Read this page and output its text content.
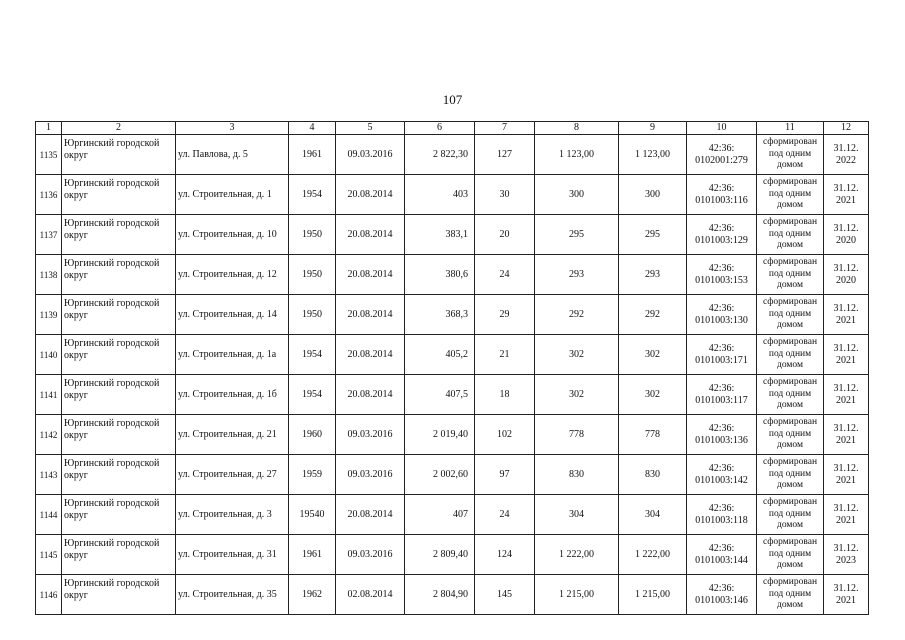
107
1	2	3	4	5	6	7	8	9	10	11	12
1135	Юргинский городской округ	ул. Павлова, д. 5	1961	09.03.2016	2 822,30	127	1 123,00	1 123,00	42:36: 0102001:279	сформирован под одним домом	31.12. 2022
1136	Юргинский городской округ	ул. Строительная, д. 1	1954	20.08.2014	403	30	300	300	42:36: 0101003:116	сформирован под одним домом	31.12. 2021
1137	Юргинский городской округ	ул. Строительная, д. 10	1950	20.08.2014	383,1	20	295	295	42:36: 0101003:129	сформирован под одним домом	31.12. 2020
1138	Юргинский городской округ	ул. Строительная, д. 12	1950	20.08.2014	380,6	24	293	293	42:36: 0101003:153	сформирован под одним домом	31.12. 2020
1139	Юргинский городской округ	ул. Строительная, д. 14	1950	20.08.2014	368,3	29	292	292	42:36: 0101003:130	сформирован под одним домом	31.12. 2021
1140	Юргинский городской округ	ул. Строительная, д. 1а	1954	20.08.2014	405,2	21	302	302	42:36: 0101003:171	сформирован под одним домом	31.12. 2021
1141	Юргинский городской округ	ул. Строительная, д. 1б	1954	20.08.2014	407,5	18	302	302	42:36: 0101003:117	сформирован под одним домом	31.12. 2021
1142	Юргинский городской округ	ул. Строительная, д. 21	1960	09.03.2016	2 019,40	102	778	778	42:36: 0101003:136	сформирован под одним домом	31.12. 2021
1143	Юргинский городской округ	ул. Строительная, д. 27	1959	09.03.2016	2 002,60	97	830	830	42:36: 0101003:142	сформирован под одним домом	31.12. 2021
1144	Юргинский городской округ	ул. Строительная, д. 3	19540	20.08.2014	407	24	304	304	42:36: 0101003:118	сформирован под одним домом	31.12. 2021
1145	Юргинский городской округ	ул. Строительная, д. 31	1961	09.03.2016	2 809,40	124	1 222,00	1 222,00	42:36: 0101003:144	сформирован под одним домом	31.12. 2023
1146	Юргинский городской округ	ул. Строительная, д. 35	1962	02.08.2014	2 804,90	145	1 215,00	1 215,00	42:36: 0101003:146	сформирован под одним домом	31.12. 2021
